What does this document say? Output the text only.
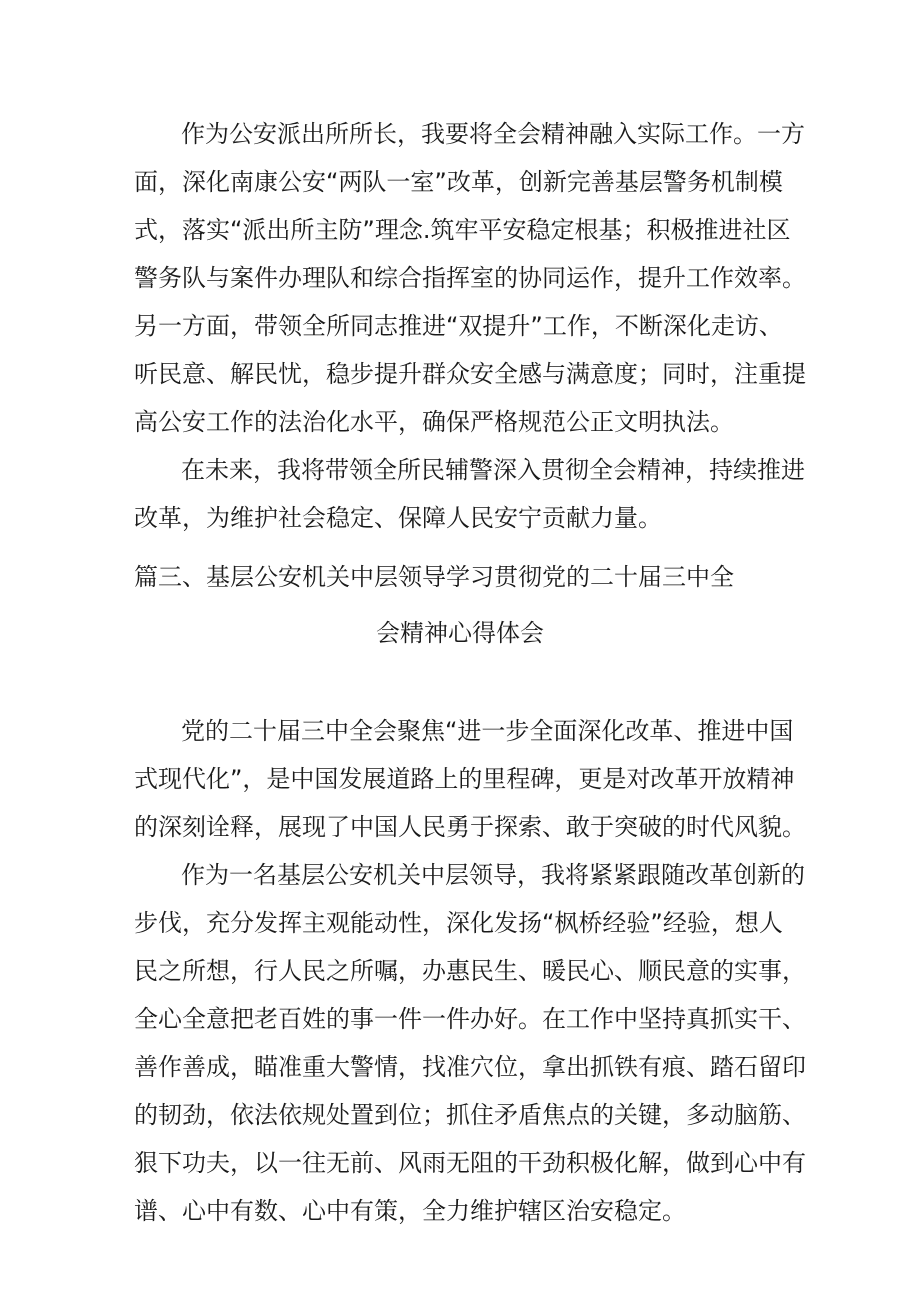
作为公安派出所所长，我要将全会精神融入实际工作。一方
面，深化南康公安“两队一室”改革，创新完善基层警务机制模
式，落实“派出所主防”理念.筑牢平安稳定根基；积极推进社区
警务队与案件办理队和综合指挥室的协同运作，提升工作效率。
另一方面，带领全所同志推进“双提升”工作，不断深化走访、
听民意、解民忧，稳步提升群众安全感与满意度；同时，注重提
高公安工作的法治化水平，确保严格规范公正文明执法。
在未来，我将带领全所民辅警深入贯彻全会精神，持续推进
改革，为维护社会稳定、保障人民安宁贡献力量。
篇三、基层公安机关中层领导学习贯彻党的二十届三中全
会精神心得体会
党的二十届三中全会聚焦“进一步全面深化改革、推进中国
式现代化”，是中国发展道路上的里程碑，更是对改革开放精神
的深刻诠释，展现了中国人民勇于探索、敢于突破的时代风貌。
作为一名基层公安机关中层领导，我将紧紧跟随改革创新的
步伐，充分发挥主观能动性，深化发扬“枫桥经验”经验，想人
民之所想，行人民之所嘱，办惠民生、暖民心、顺民意的实事，
全心全意把老百姓的事一件一件办好。在工作中坚持真抓实干、
善作善成，瞄准重大警情，找准穴位，拿出抓铁有痕、踏石留印
的韧劲，依法依规处置到位；抓住矛盾焦点的关键，多动脑筋、
狠下功夫，以一往无前、风雨无阻的干劲积极化解，做到心中有
谱、心中有数、心中有策，全力维护辖区治安稳定。
